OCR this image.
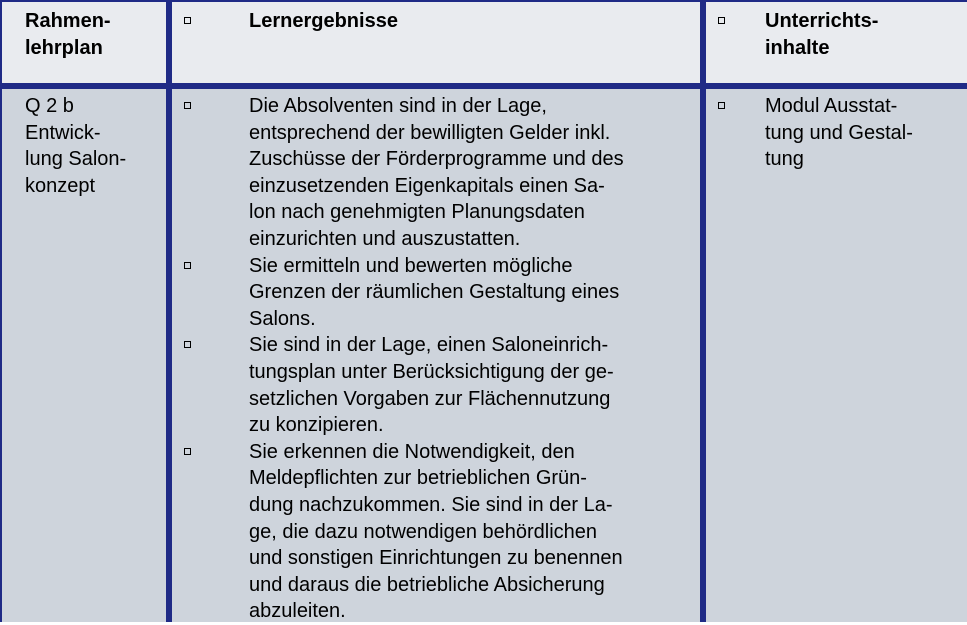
Rahmen-
lehrplan
Lernergebnisse	Unterrichts-
inhalte
Q 2 b
Entwick-
lung Salon-
konzept
Die Absolventen sind in der Lage,
entsprechend der bewilligten Gelder inkl.
Zuschüsse der Förderprogramme und des
einzusetzenden Eigenkapitals einen Sa-
lon nach genehmigten Planungsdaten
einzurichten und auszustatten.
Sie ermitteln und bewerten mögliche
Grenzen der räumlichen Gestaltung eines
Salons.
Sie sind in der Lage, einen Saloneinrich-
tungsplan unter Berücksichtigung der ge-
setzlichen Vorgaben zur Flächennutzung
zu konzipieren.
Sie erkennen die Notwendigkeit, den
Meldepflichten zur betrieblichen Grün-
dung nachzukommen. Sie sind in der La-
ge, die dazu notwendigen behördlichen
und sonstigen Einrichtungen zu benennen
und daraus die betriebliche Absicherung
abzuleiten.
Modul Ausstat-
tung und Gestal-
tung
